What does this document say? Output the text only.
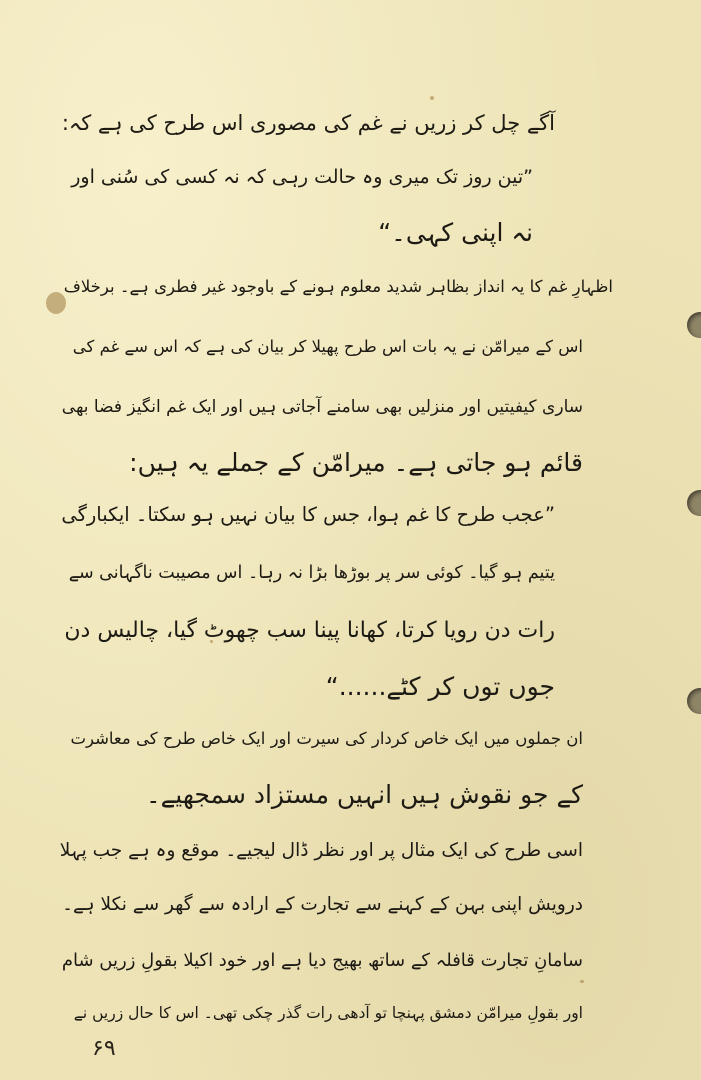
آگے چل کر زریں نے غم کی مصوری اس طرح کی ہے کہ:
”تین روز تک میری وہ حالت رہی کہ نہ کسی کی سُنی اور
نہ اپنی کہی۔“
اظہارِ غم کا یہ انداز بظاہر شدید معلوم ہونے کے باوجود غیر فطری ہے۔ برخلاف
اس کے میرامّن نے یہ بات اس طرح پھیلا کر بیان کی ہے کہ اس سے غم کی
ساری کیفیتیں اور منزلیں بھی سامنے آجاتی ہیں اور ایک غم انگیز فضا بھی
قائم ہو جاتی ہے۔ میرامّن کے جملے یہ ہیں:
”عجب طرح کا غم ہوا، جس کا بیان نہیں ہو سکتا۔ ایکبارگی
یتیم ہو گیا۔ کوئی سر پر بوڑھا بڑا نہ رہا۔ اس مصیبت ناگہانی سے
رات دن رویا کرتا، کھانا پینا سب چھوٹ گیا، چالیس دن
جوں توں کر کٹے......“
ان جملوں میں ایک خاص کردار کی سیرت اور ایک خاص طرح کی معاشرت
کے جو نقوش ہیں انہیں مستزاد سمجھیے۔
اسی طرح کی ایک مثال پر اور نظر ڈال لیجیے۔ موقع وہ ہے جب پہلا
درویش اپنی بہن کے کہنے سے تجارت کے ارادہ سے گھر سے نکلا ہے۔
سامانِ تجارت قافلہ کے ساتھ بھیج دیا ہے اور خود اکیلا بقولِ زریں شام
اور بقولِ میرامّن دمشق پہنچا تو آدھی رات گذر چکی تھی۔ اس کا حال زریں نے
۶۹
